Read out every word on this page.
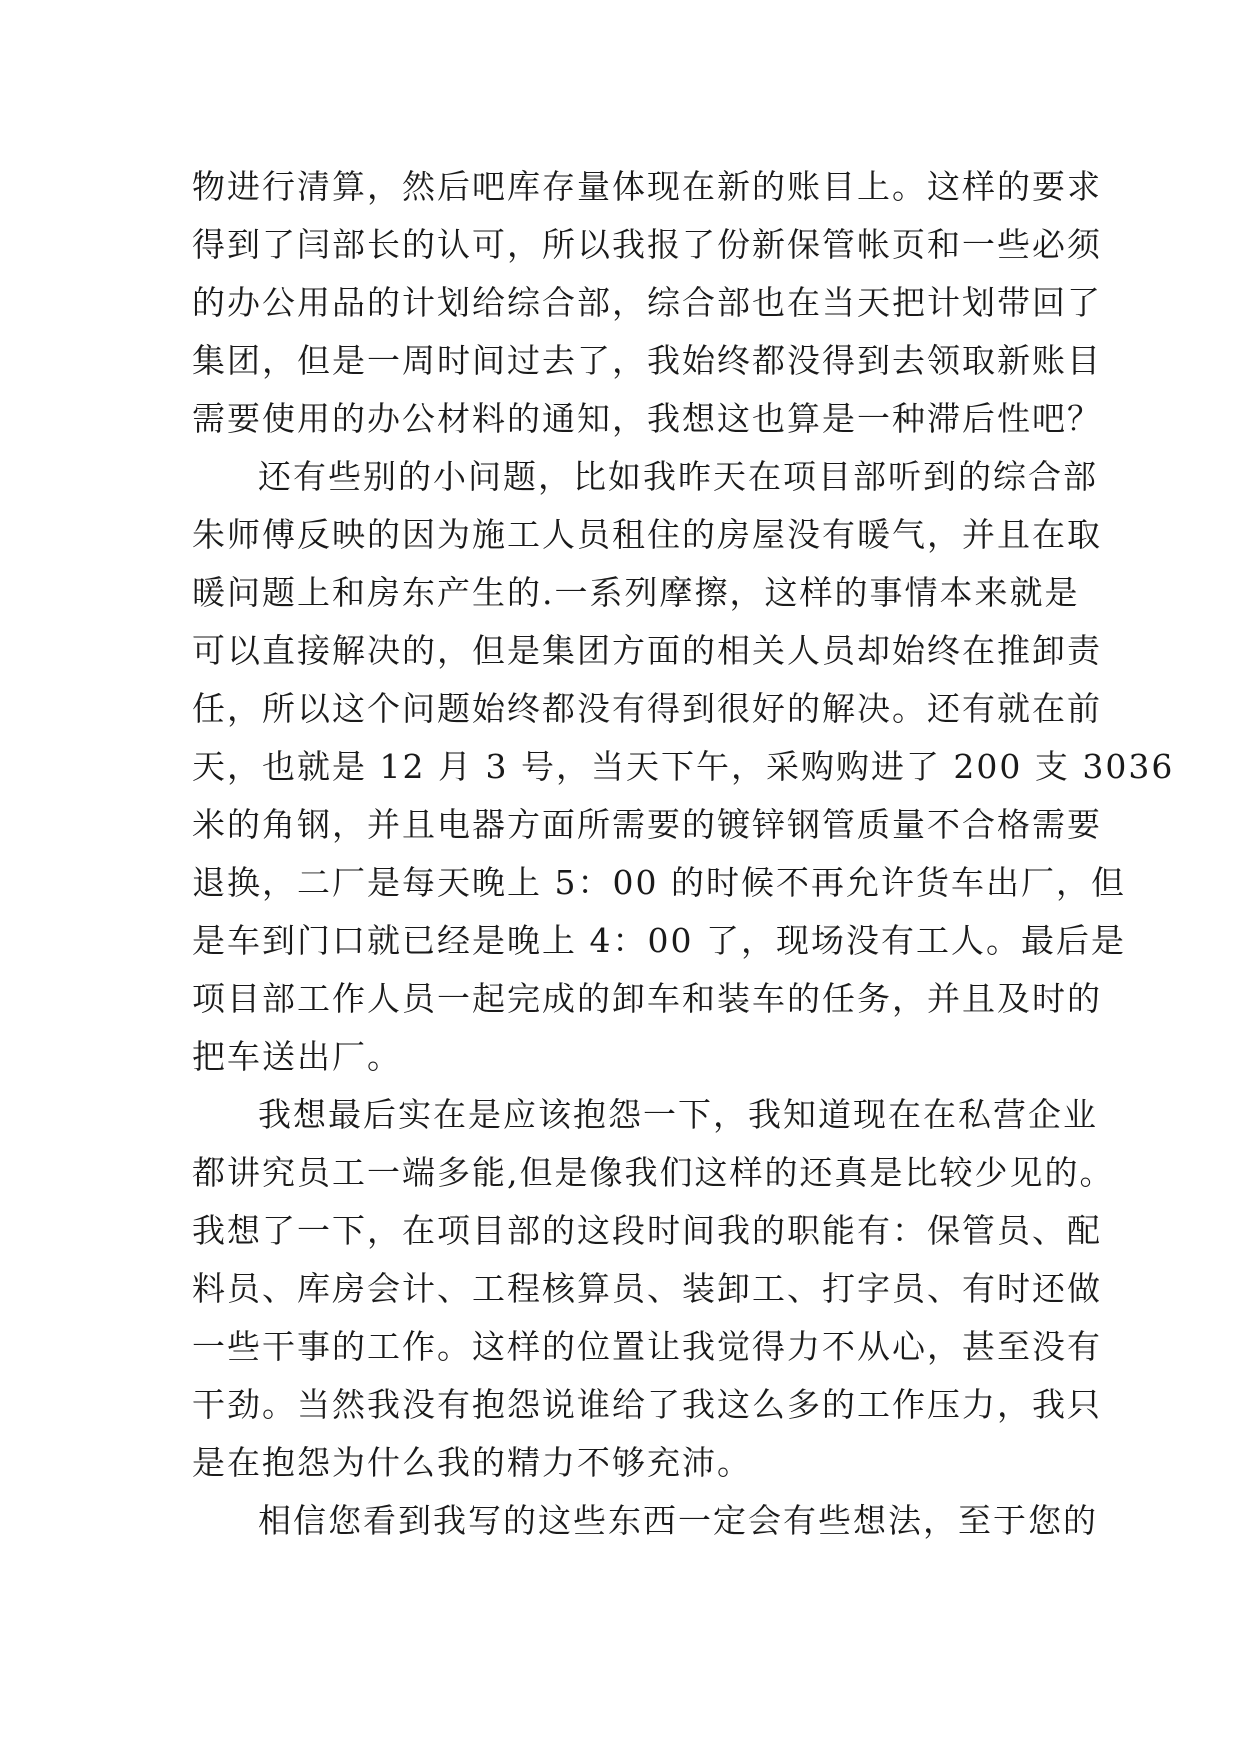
物进行清算，然后吧库存量体现在新的账目上。这样的要求
得到了闫部长的认可，所以我报了份新保管帐页和一些必须
的办公用品的计划给综合部，综合部也在当天把计划带回了
集团，但是一周时间过去了，我始终都没得到去领取新账目
需要使用的办公材料的通知，我想这也算是一种滞后性吧？
还有些别的小问题，比如我昨天在项目部听到的综合部
朱师傅反映的因为施工人员租住的房屋没有暖气，并且在取
暖问题上和房东产生的.一系列摩擦，这样的事情本来就是
可以直接解决的，但是集团方面的相关人员却始终在推卸责
任，所以这个问题始终都没有得到很好的解决。还有就在前
天，也就是 12 月 3 号，当天下午，采购购进了 200 支 3036
米的角钢，并且电器方面所需要的镀锌钢管质量不合格需要
退换，二厂是每天晚上 5：00 的时候不再允许货车出厂，但
是车到门口就已经是晚上 4：00 了，现场没有工人。最后是
项目部工作人员一起完成的卸车和装车的任务，并且及时的
把车送出厂。
我想最后实在是应该抱怨一下，我知道现在在私营企业
都讲究员工一端多能,但是像我们这样的还真是比较少见的。
我想了一下，在项目部的这段时间我的职能有：保管员、配
料员、库房会计、工程核算员、装卸工、打字员、有时还做
一些干事的工作。这样的位置让我觉得力不从心，甚至没有
干劲。当然我没有抱怨说谁给了我这么多的工作压力，我只
是在抱怨为什么我的精力不够充沛。
相信您看到我写的这些东西一定会有些想法，至于您的
